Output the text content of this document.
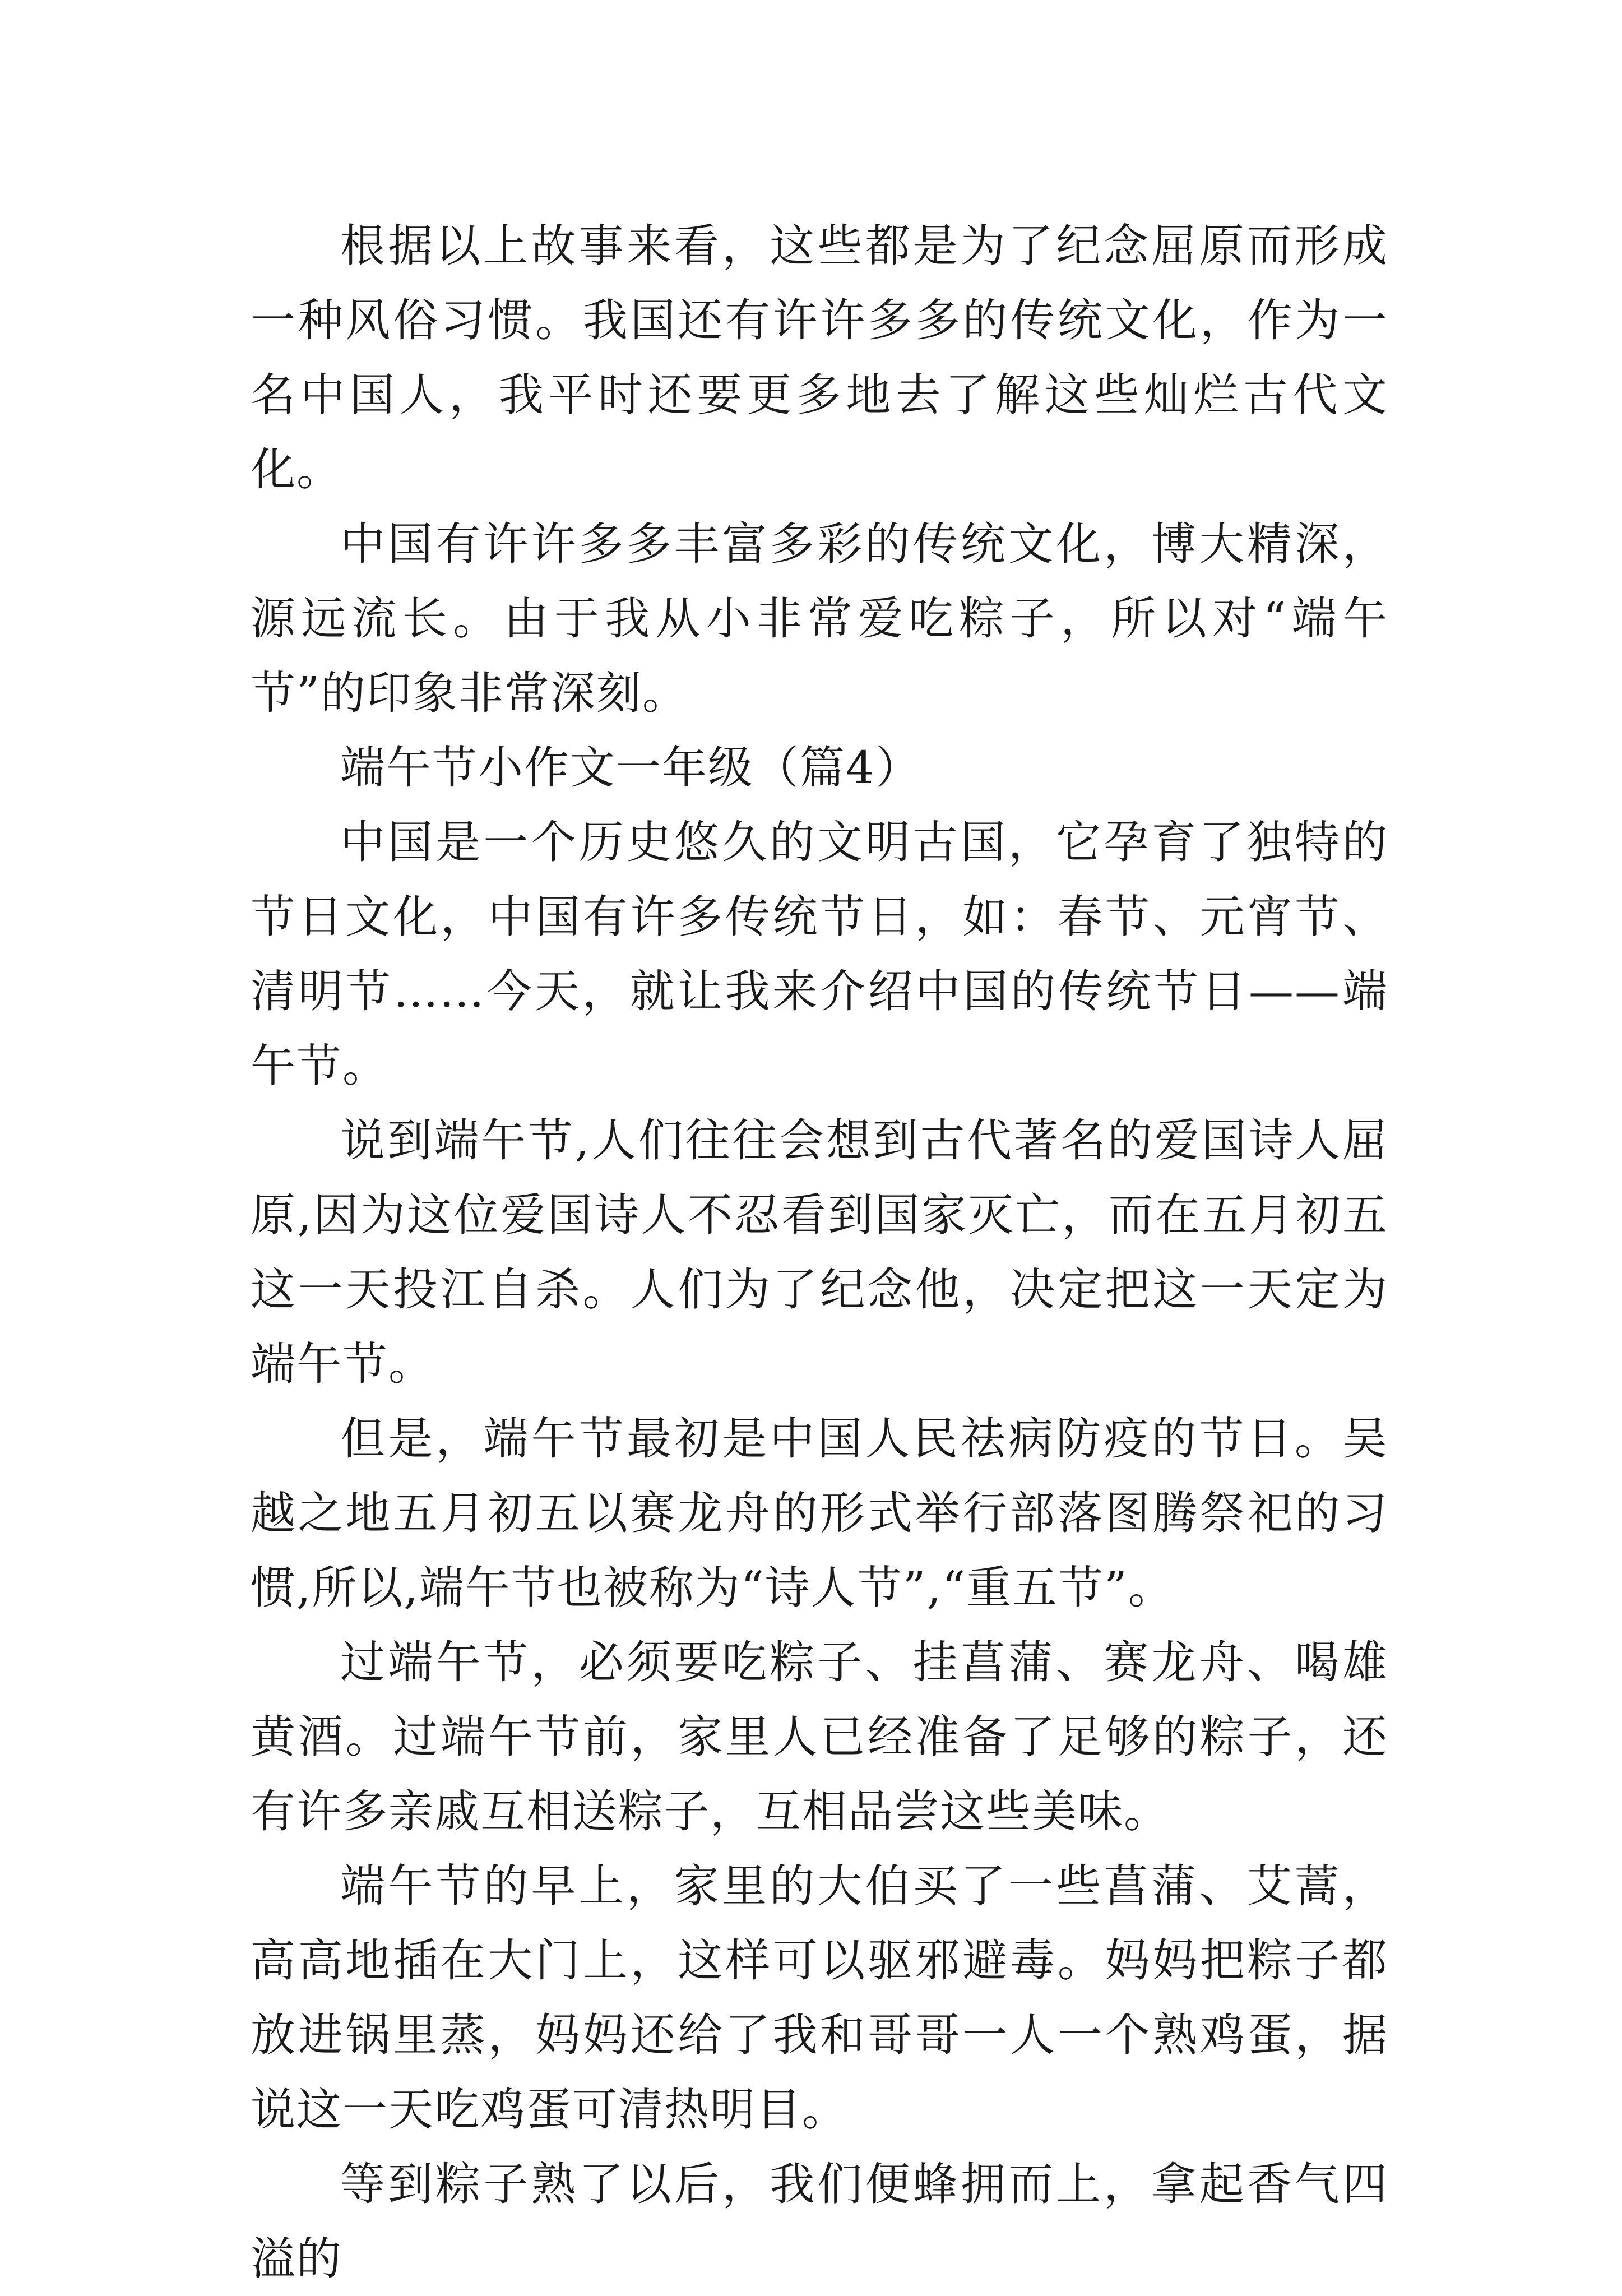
根据以上故事来看，这些都是为了纪念屈原而形成一种风俗习惯。我国还有许许多多的传统文化，作为一名中国人，我平时还要更多地去了解这些灿烂古代文化。

中国有许许多多丰富多彩的传统文化，博大精深，源远流长。由于我从小非常爱吃粽子，所以对“端午节”的印象非常深刻。

端午节小作文一年级（篇4）

中国是一个历史悠久的文明古国，它孕育了独特的节日文化，中国有许多传统节日，如：春节、元宵节、清明节……今天，就让我来介绍中国的传统节日——端午节。

说到端午节,人们往往会想到古代著名的爱国诗人屈原,因为这位爱国诗人不忍看到国家灭亡，而在五月初五这一天投江自杀。人们为了纪念他，决定把这一天定为端午节。

但是，端午节最初是中国人民祛病防疫的节日。吴越之地五月初五以赛龙舟的形式举行部落图腾祭祀的习惯,所以,端午节也被称为“诗人节”,“重五节”。

过端午节，必须要吃粽子、挂菖蒲、赛龙舟、喝雄黄酒。过端午节前，家里人已经准备了足够的粽子，还有许多亲戚互相送粽子，互相品尝这些美味。

端午节的早上，家里的大伯买了一些菖蒲、艾蒿，高高地插在大门上，这样可以驱邪避毒。妈妈把粽子都放进锅里蒸，妈妈还给了我和哥哥一人一个熟鸡蛋，据说这一天吃鸡蛋可清热明目。

等到粽子熟了以后，我们便蜂拥而上，拿起香气四溢的
